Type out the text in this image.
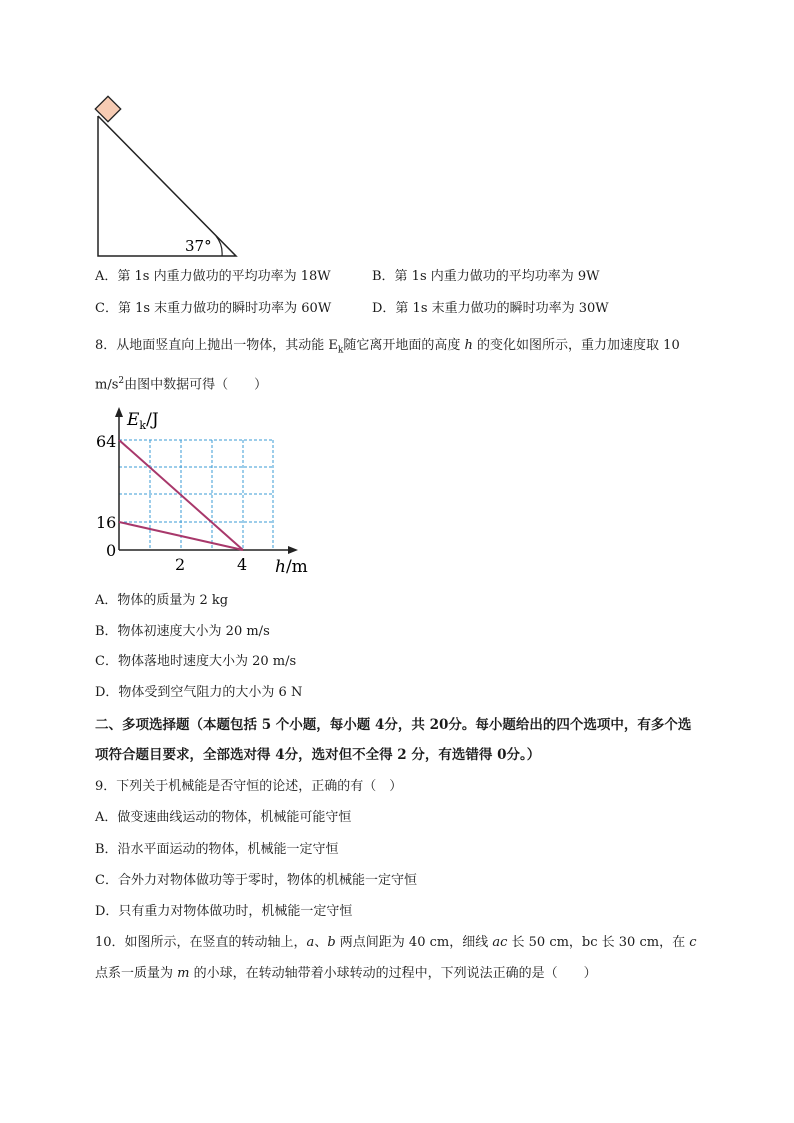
37°
A．第 1s 内重力做功的平均功率为 18W	B．第 1s 内重力做功的平均功率为 9W
C．第 1s 末重力做功的瞬时功率为 60W	D．第 1s 末重力做功的瞬时功率为 30W
8．从地面竖直向上抛出一物体，其动能 $E_k$随它离开地面的高度 h 的变化如图所示，重力加速度取 10
$m/s^2$由图中数据可得（　　）
$E_k/J$
64
16
0
2	4 h/m
A．物体的质量为 2 kg
B．物体初速度大小为 20 m/s
C．物体落地时速度大小为 20 m/s
D．物体受到空气阻力的大小为 6 N
二、多项选择题（本题包括 5 个小题，每小题 4分，共 20分。每小题给出的四个选项中，有多个选
项符合题目要求，全部选对得 4分，选对但不全得 2 分，有选错得 0分。）
9．下列关于机械能是否守恒的论述，正确的有（　）
A．做变速曲线运动的物体，机械能可能守恒
B．沿水平面运动的物体，机械能一定守恒
C．合外力对物体做功等于零时，物体的机械能一定守恒
D．只有重力对物体做功时，机械能一定守恒
10．如图所示，在竖直的转动轴上，a、b 两点间距为 40 cm，细线 ac 长 50 cm，bc 长 30 cm，在 c
点系一质量为 m 的小球，在转动轴带着小球转动的过程中，下列说法正确的是（　　）
